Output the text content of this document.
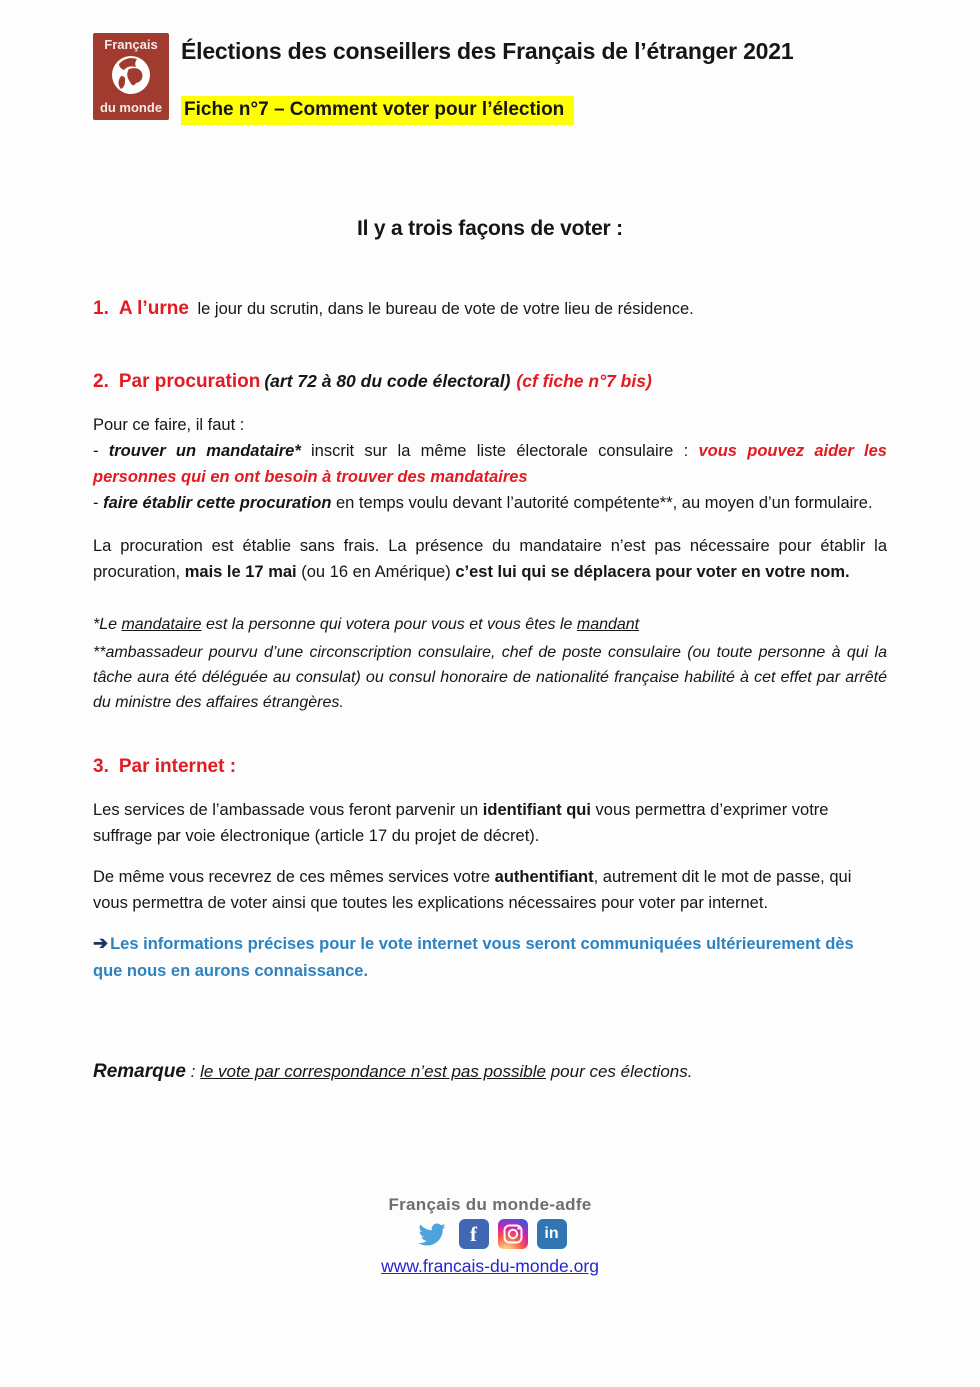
Français
du monde
Élections des conseillers des Français de l’étranger 2021
Fiche n°7 – Comment voter pour l’élection
Il y a trois façons de voter :

1. A l’urne le jour du scrutin, dans le bureau de vote de votre lieu de résidence.

2. Par procuration (art 72 à 80 du code électoral) (cf fiche n°7 bis)

Pour ce faire, il faut :

- trouver un mandataire* inscrit sur la même liste électorale consulaire : vous pouvez aider les personnes qui en ont besoin à trouver des mandataires

- faire établir cette procuration en temps voulu devant l’autorité compétente**, au moyen d’un formulaire.

La procuration est établie sans frais. La présence du mandataire n’est pas nécessaire pour établir la procuration, mais le 17 mai (ou 16 en Amérique) c’est lui qui se déplacera pour voter en votre nom.

*Le mandataire est la personne qui votera pour vous et vous êtes le mandant

**ambassadeur pourvu d’une circonscription consulaire, chef de poste consulaire (ou toute personne à qui la tâche aura été déléguée au consulat) ou consul honoraire de nationalité française habilité à cet effet par arrêté du ministre des affaires étrangères.

3. Par internet :

Les services de l’ambassade vous feront parvenir un identifiant qui vous permettra d’exprimer votre suffrage par voie électronique (article 17 du projet de décret).

De même vous recevrez de ces mêmes services votre authentifiant, autrement dit le mot de passe, qui vous permettra de voter ainsi que toutes les explications nécessaires pour voter par internet.

➔ Les informations précises pour le vote internet vous seront communiquées ultérieurement dès que nous en aurons connaissance.

Remarque : le vote par correspondance n’est pas possible pour ces élections.

Français du monde-adfe
f	in
www.francais-du-monde.org
